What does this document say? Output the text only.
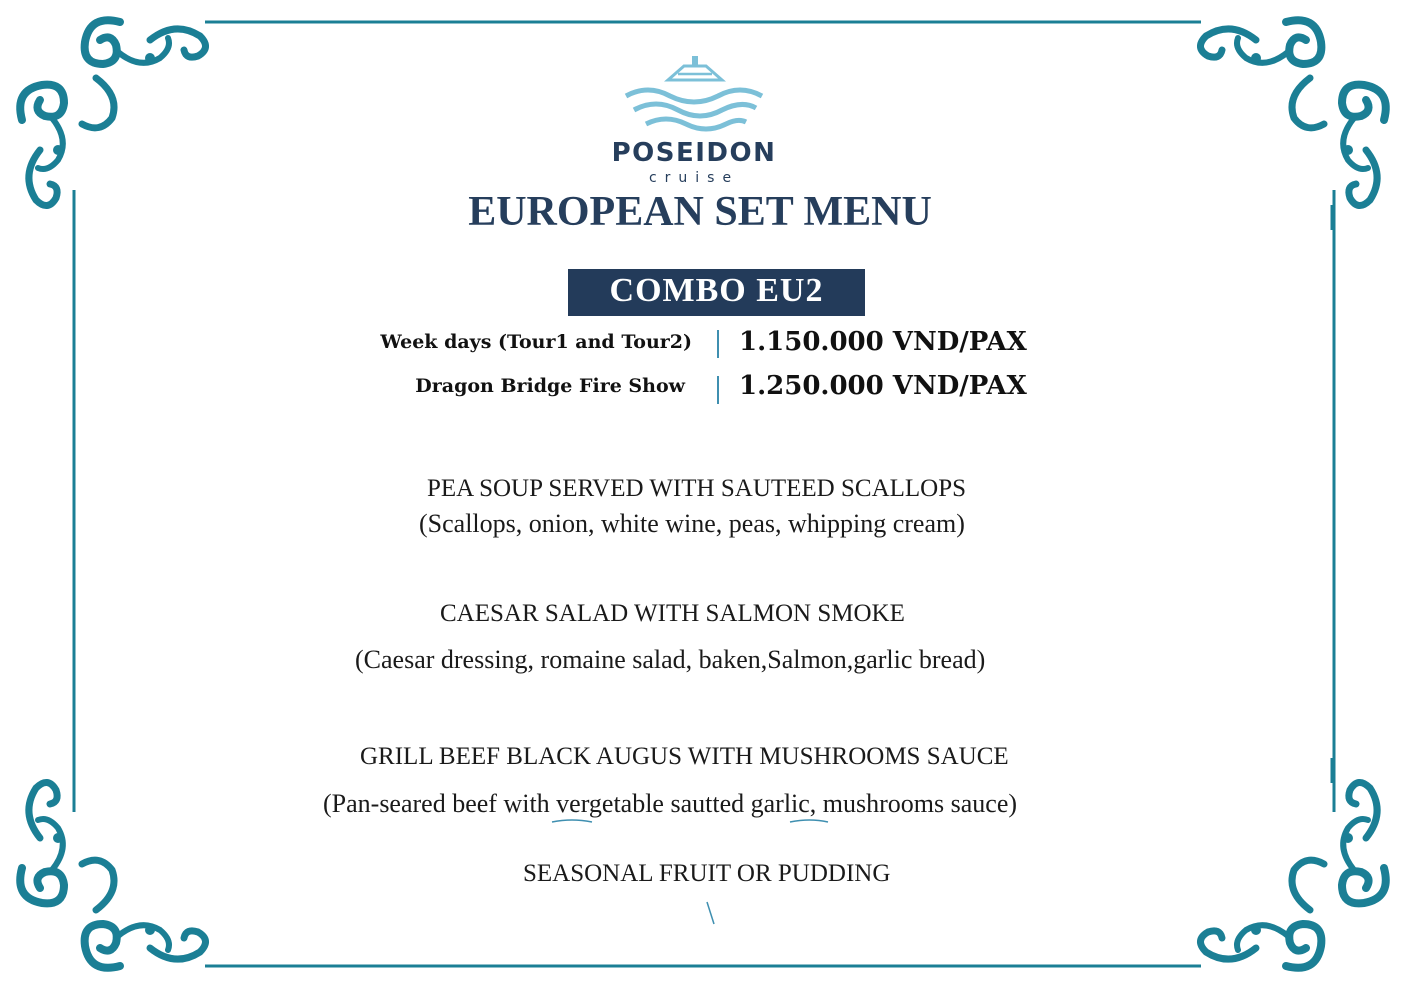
POSEIDON
cruise
EUROPEAN SET MENU
COMBO EU2
Week days (Tour1 and Tour2) 1.150.000 VND/PAX
Dragon Bridge Fire Show 1.250.000 VND/PAX
PEA SOUP SERVED WITH SAUTEED SCALLOPS
(Scallops, onion, white wine, peas, whipping cream)
CAESAR SALAD WITH SALMON SMOKE
(Caesar dressing, romaine salad, baken,Salmon,garlic bread)
GRILL BEEF BLACK AUGUS WITH MUSHROOMS SAUCE
(Pan-seared beef with vergetable sautted garlic, mushrooms sauce)
SEASONAL FRUIT OR PUDDING
